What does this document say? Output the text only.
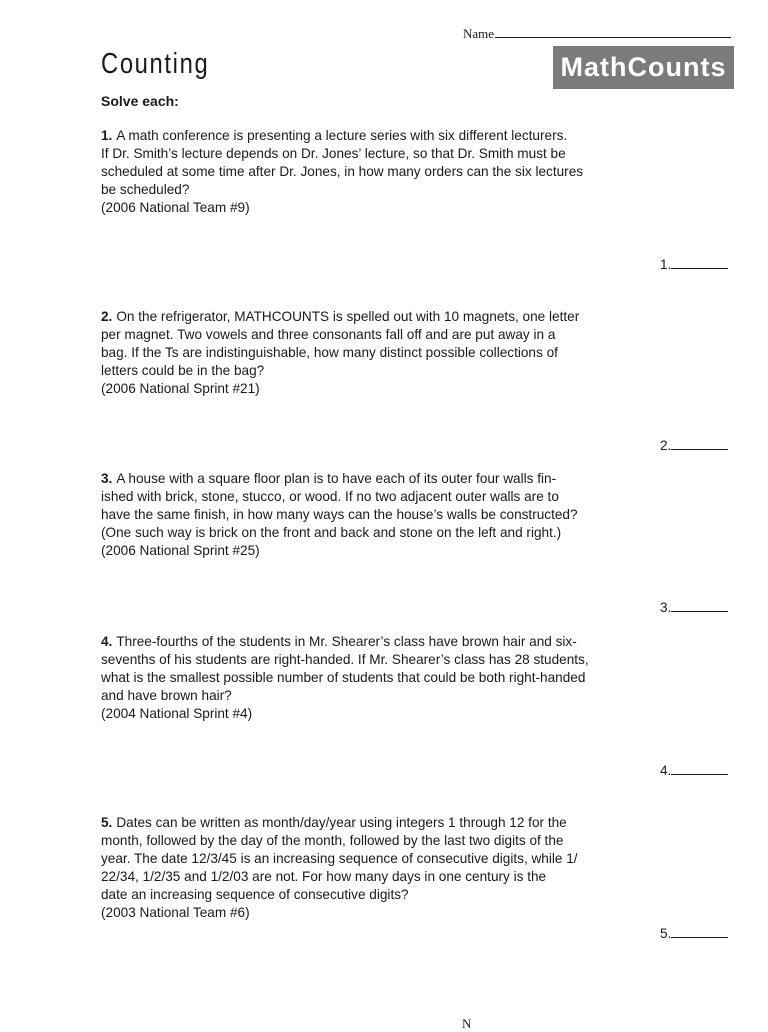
Name
Counting	MathCounts
Solve each:
1. A math conference is presenting a lecture series with six different lecturers.
If Dr. Smith’s lecture depends on Dr. Jones’ lecture, so that Dr. Smith must be
scheduled at some time after Dr. Jones, in how many orders can the six lectures
be scheduled?
(2006 National Team #9)
1.
2. On the refrigerator, MATHCOUNTS is spelled out with 10 magnets, one letter
per magnet. Two vowels and three consonants fall off and are put away in a
bag. If the Ts are indistinguishable, how many distinct possible collections of
letters could be in the bag?
(2006 National Sprint #21)
2.
3. A house with a square floor plan is to have each of its outer four walls fin-
ished with brick, stone, stucco, or wood. If no two adjacent outer walls are to
have the same finish, in how many ways can the house’s walls be constructed?
(One such way is brick on the front and back and stone on the left and right.)
(2006 National Sprint #25)
3.
4. Three-fourths of the students in Mr. Shearer’s class have brown hair and six-
sevenths of his students are right-handed. If Mr. Shearer’s class has 28 students,
what is the smallest possible number of students that could be both right-handed
and have brown hair?
(2004 National Sprint #4)
4.
5. Dates can be written as month/day/year using integers 1 through 12 for the
month, followed by the day of the month, followed by the last two digits of the
year. The date 12/3/45 is an increasing sequence of consecutive digits, while 1/
22/34, 1/2/35 and 1/2/03 are not. For how many days in one century is the
date an increasing sequence of consecutive digits?
(2003 National Team #6)
5.
N
